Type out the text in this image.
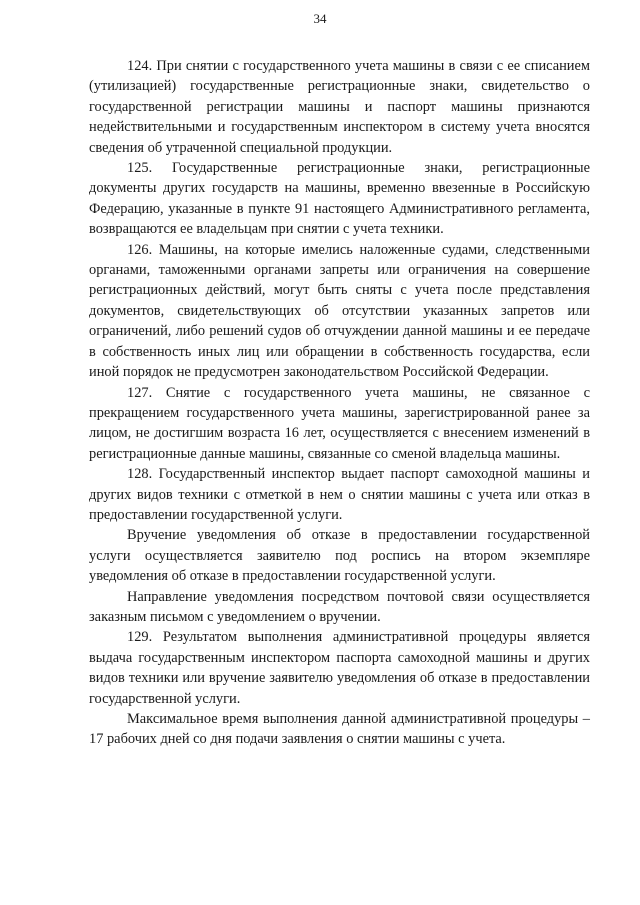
34

124. При снятии с государственного учета машины в связи с ее списанием (утилизацией) государственные регистрационные знаки, свидетельство о государственной регистрации машины и паспорт машины признаются недействительными и государственным инспектором в систему учета вносятся сведения об утраченной специальной продукции.

125. Государственные регистрационные знаки, регистрационные документы других государств на машины, временно ввезенные в Российскую Федерацию, указанные в пункте 91 настоящего Административного регламента, возвращаются ее владельцам при снятии с учета техники.

126. Машины, на которые имелись наложенные судами, следственными органами, таможенными органами запреты или ограничения на совершение регистрационных действий, могут быть сняты с учета после представления документов, свидетельствующих об отсутствии указанных запретов или ограничений, либо решений судов об отчуждении данной машины и ее передаче в собственность иных лиц или обращении в собственность государства, если иной порядок не предусмотрен законодательством Российской Федерации.

127. Снятие с государственного учета машины, не связанное с прекращением государственного учета машины, зарегистрированной ранее за лицом, не достигшим возраста 16 лет, осуществляется с внесением изменений в регистрационные данные машины, связанные со сменой владельца машины.

128. Государственный инспектор выдает паспорт самоходной машины и других видов техники с отметкой в нем о снятии машины с учета или отказ в предоставлении государственной услуги.

Вручение уведомления об отказе в предоставлении государственной услуги осуществляется заявителю под роспись на втором экземпляре уведомления об отказе в предоставлении государственной услуги.

Направление уведомления посредством почтовой связи осуществляется заказным письмом с уведомлением о вручении.

129. Результатом выполнения административной процедуры является выдача государственным инспектором паспорта самоходной машины и других видов техники или вручение заявителю уведомления об отказе в предоставлении государственной услуги.

Максимальное время выполнения данной административной процедуры – 17 рабочих дней со дня подачи заявления о снятии машины с учета.
